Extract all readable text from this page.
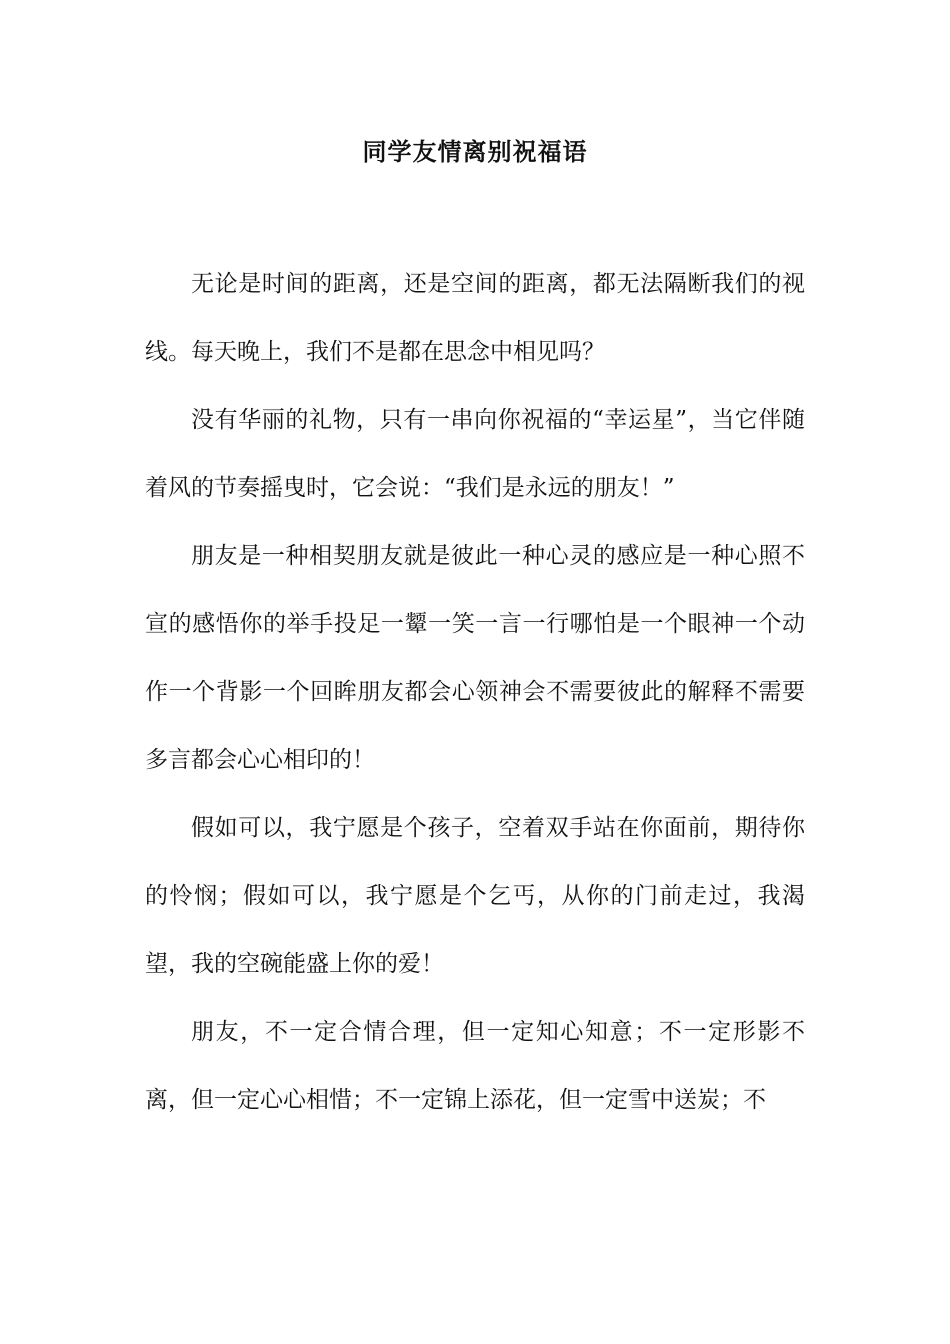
同学友情离别祝福语

无论是时间的距离，还是空间的距离，都无法隔断我们的视线。每天晚上，我们不是都在思念中相见吗？

没有华丽的礼物，只有一串向你祝福的“幸运星”，当它伴随着风的节奏摇曳时，它会说：“我们是永远的朋友！”

朋友是一种相契朋友就是彼此一种心灵的感应是一种心照不宣的感悟你的举手投足一颦一笑一言一行哪怕是一个眼神一个动作一个背影一个回眸朋友都会心领神会不需要彼此的解释不需要多言都会心心相印的！

假如可以，我宁愿是个孩子，空着双手站在你面前，期待你的怜悯；假如可以，我宁愿是个乞丐，从你的门前走过，我渴望，我的空碗能盛上你的爱！

朋友，不一定合情合理，但一定知心知意；不一定形影不离，但一定心心相惜；不一定锦上添花，但一定雪中送炭；不
